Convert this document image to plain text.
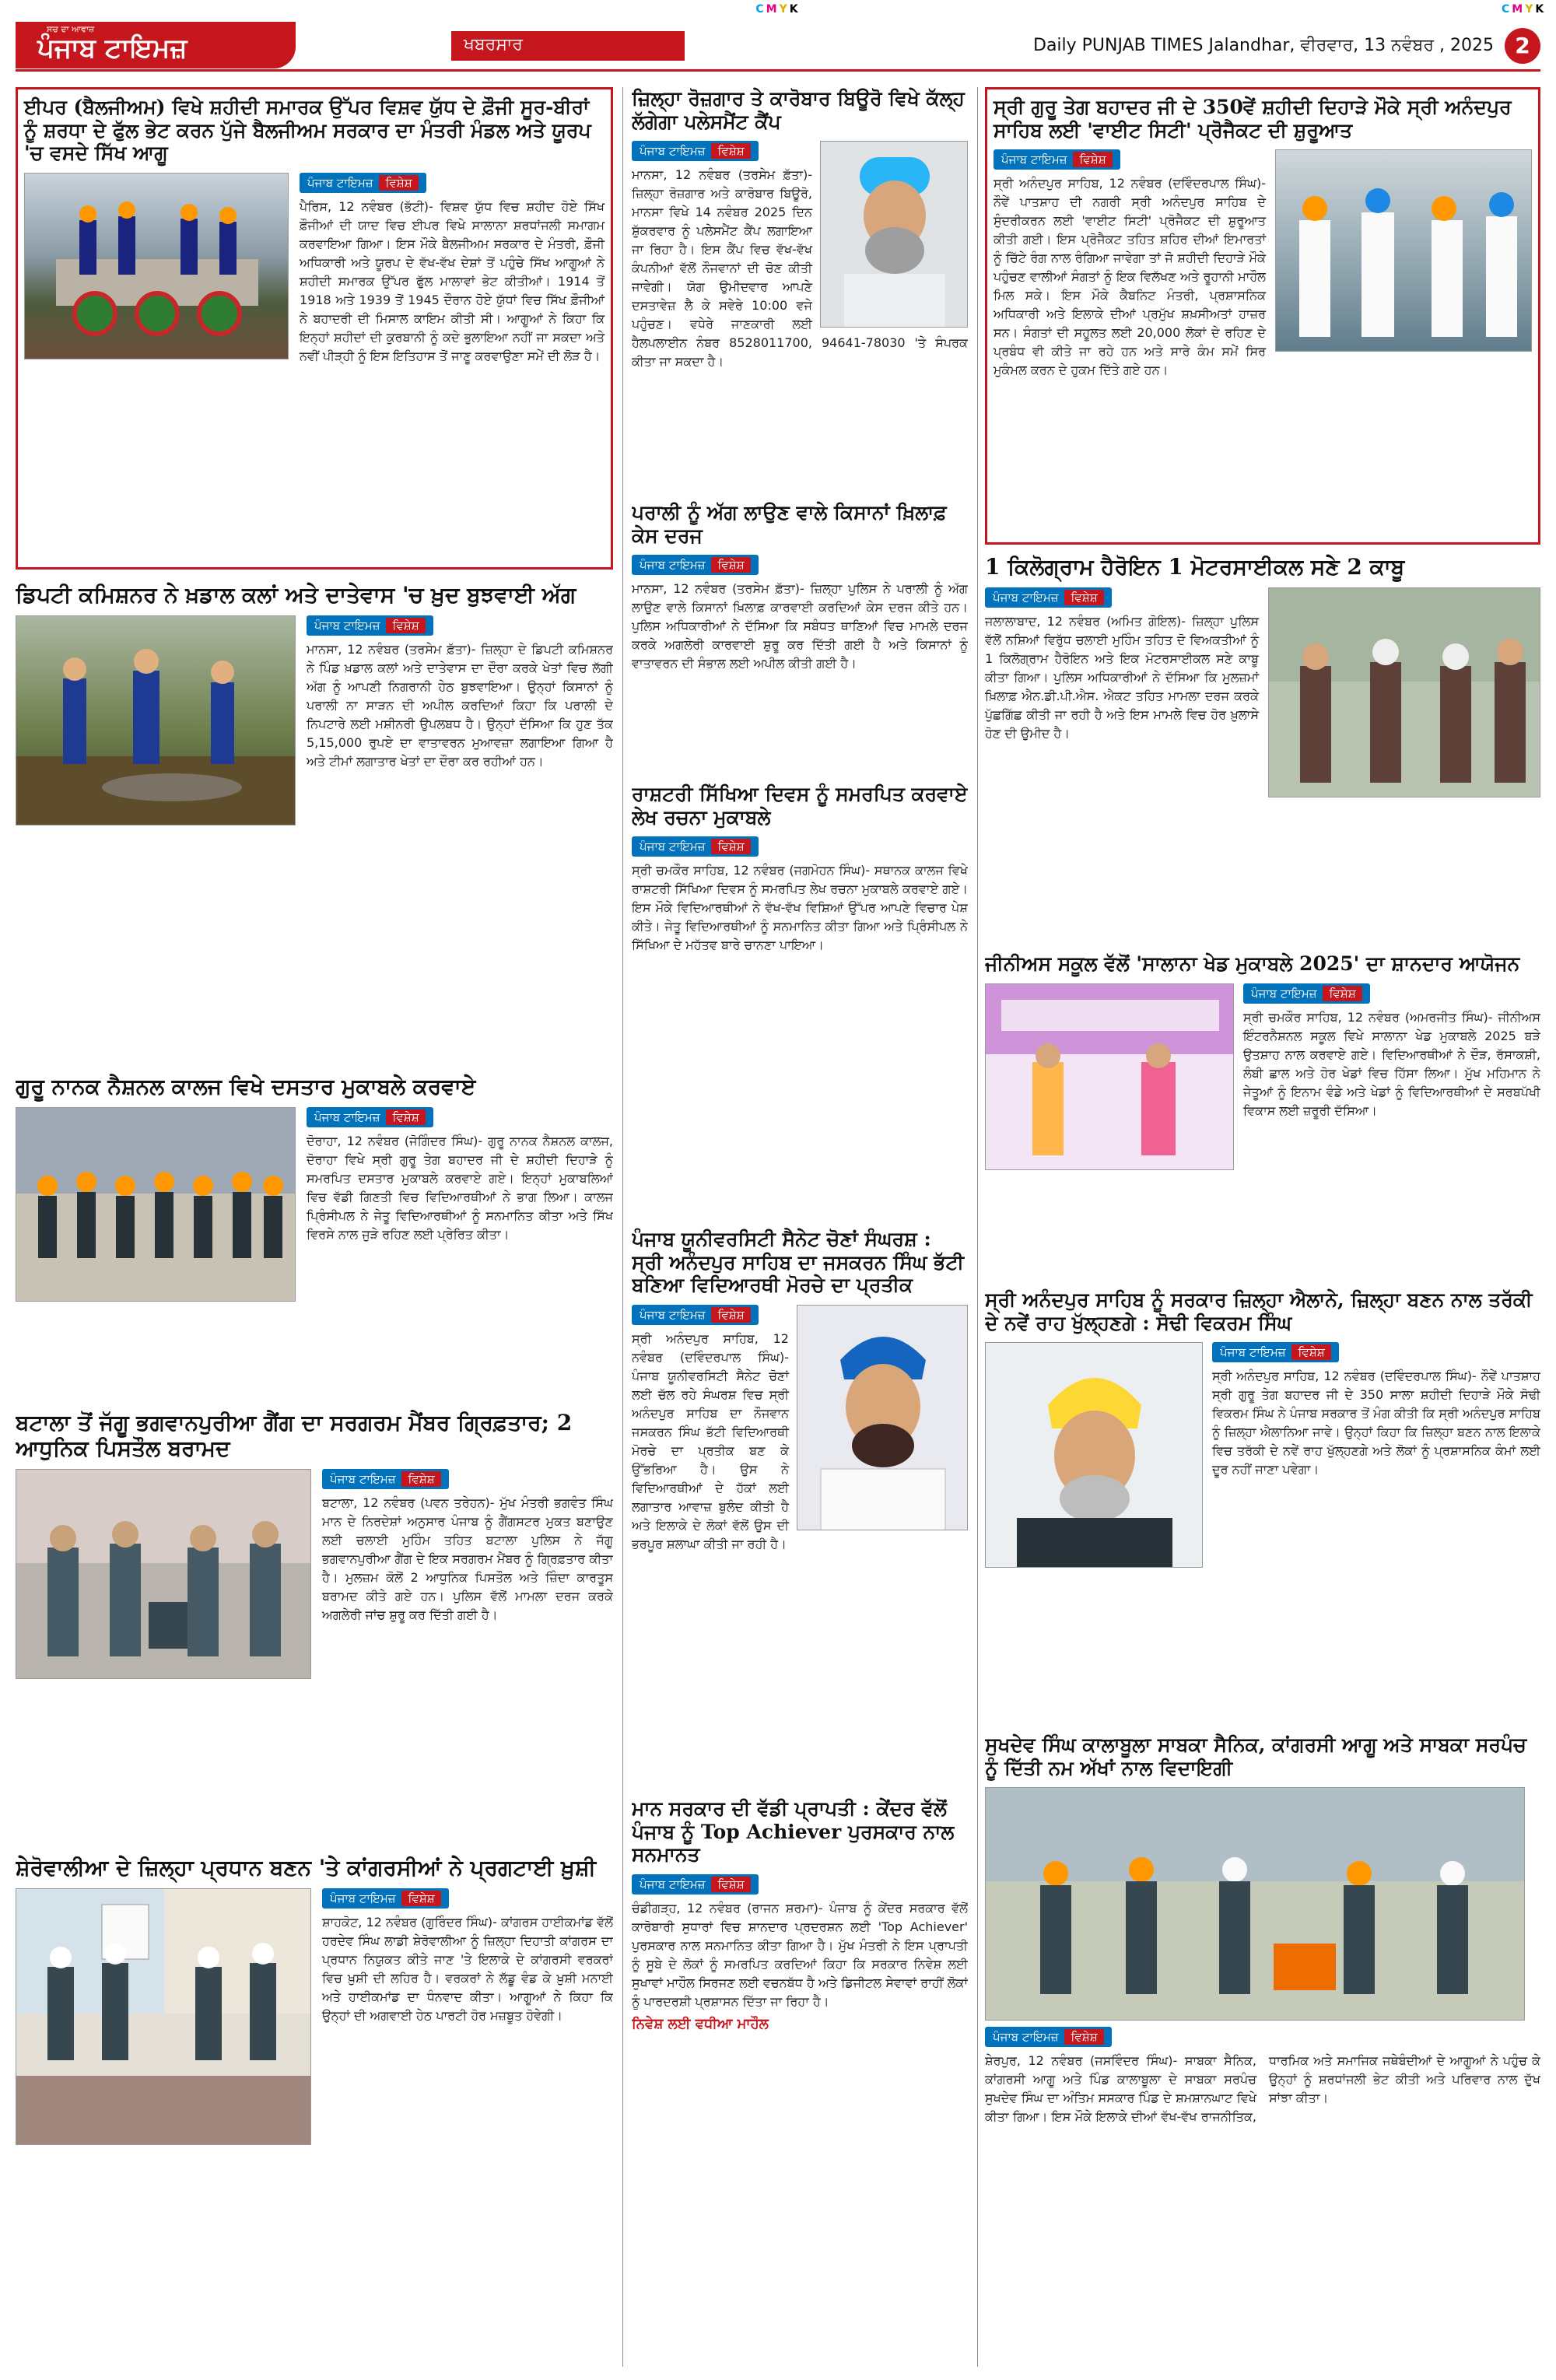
CMYK	CMYK
ਸਚ ਦਾ ਆਵਾਜ਼
ਪੰਜਾਬ ਟਾਇਮਜ਼	ਖਬਰਸਾਰ	Daily PUNJAB TIMES Jalandhar, ਵੀਰਵਾਰ, 13 ਨਵੰਬਰ , 2025 2
ਈਪਰ (ਬੈਲਜੀਅਮ) ਵਿਖੇ ਸ਼ਹੀਦੀ ਸਮਾਰਕ ਉੱਪਰ ਵਿਸ਼ਵ ਯੁੱਧ ਦੇ ਫ਼ੌਜੀ ਸੂਰ-ਬੀਰਾਂ ਨੂੰ ਸ਼ਰਧਾ ਦੇ ਫੁੱਲ ਭੇਟ ਕਰਨ ਪੁੱਜੇ ਬੈਲਜੀਅਮ ਸਰਕਾਰ ਦਾ ਮੰਤਰੀ ਮੰਡਲ ਅਤੇ ਯੂਰਪ 'ਚ ਵਸਦੇ ਸਿੱਖ ਆਗੂ
ਪੰਜਾਬ ਟਾਇਮਜ਼ ਵਿਸ਼ੇਸ਼

ਪੈਰਿਸ, 12 ਨਵੰਬਰ (ਭੱਟੀ)- ਵਿਸ਼ਵ ਯੁੱਧ ਵਿਚ ਸ਼ਹੀਦ ਹੋਏ ਸਿੱਖ ਫ਼ੌਜੀਆਂ ਦੀ ਯਾਦ ਵਿਚ ਈਪਰ ਵਿਖੇ ਸਾਲਾਨਾ ਸ਼ਰਧਾਂਜਲੀ ਸਮਾਗਮ ਕਰਵਾਇਆ ਗਿਆ। ਇਸ ਮੌਕੇ ਬੈਲਜੀਅਮ ਸਰਕਾਰ ਦੇ ਮੰਤਰੀ, ਫ਼ੌਜੀ ਅਧਿਕਾਰੀ ਅਤੇ ਯੂਰਪ ਦੇ ਵੱਖ-ਵੱਖ ਦੇਸ਼ਾਂ ਤੋਂ ਪਹੁੰਚੇ ਸਿੱਖ ਆਗੂਆਂ ਨੇ ਸ਼ਹੀਦੀ ਸਮਾਰਕ ਉੱਪਰ ਫੁੱਲ ਮਾਲਾਵਾਂ ਭੇਟ ਕੀਤੀਆਂ। 1914 ਤੋਂ 1918 ਅਤੇ 1939 ਤੋਂ 1945 ਦੌਰਾਨ ਹੋਏ ਯੁੱਧਾਂ ਵਿਚ ਸਿੱਖ ਫ਼ੌਜੀਆਂ ਨੇ ਬਹਾਦਰੀ ਦੀ ਮਿਸਾਲ ਕਾਇਮ ਕੀਤੀ ਸੀ। ਆਗੂਆਂ ਨੇ ਕਿਹਾ ਕਿ ਇਨ੍ਹਾਂ ਸ਼ਹੀਦਾਂ ਦੀ ਕੁਰਬਾਨੀ ਨੂੰ ਕਦੇ ਭੁਲਾਇਆ ਨਹੀਂ ਜਾ ਸਕਦਾ ਅਤੇ ਨਵੀਂ ਪੀੜ੍ਹੀ ਨੂੰ ਇਸ ਇਤਿਹਾਸ ਤੋਂ ਜਾਣੂ ਕਰਵਾਉਣਾ ਸਮੇਂ ਦੀ ਲੋੜ ਹੈ।

ਡਿਪਟੀ ਕਮਿਸ਼ਨਰ ਨੇ ਖ਼ਡਾਲ ਕਲਾਂ ਅਤੇ ਦਾਤੇਵਾਸ 'ਚ ਖ਼ੁਦ ਬੁਝਵਾਈ ਅੱਗ
ਪੰਜਾਬ ਟਾਇਮਜ਼ ਵਿਸ਼ੇਸ਼

ਮਾਨਸਾ, 12 ਨਵੰਬਰ (ਤਰਸੇਮ ਫ਼ੱਤਾ)- ਜ਼ਿਲ੍ਹਾ ਦੇ ਡਿਪਟੀ ਕਮਿਸ਼ਨਰ ਨੇ ਪਿੰਡ ਖ਼ਡਾਲ ਕਲਾਂ ਅਤੇ ਦਾਤੇਵਾਸ ਦਾ ਦੌਰਾ ਕਰਕੇ ਖੇਤਾਂ ਵਿਚ ਲੱਗੀ ਅੱਗ ਨੂੰ ਆਪਣੀ ਨਿਗਰਾਨੀ ਹੇਠ ਬੁਝਵਾਇਆ। ਉਨ੍ਹਾਂ ਕਿਸਾਨਾਂ ਨੂੰ ਪਰਾਲੀ ਨਾ ਸਾੜਨ ਦੀ ਅਪੀਲ ਕਰਦਿਆਂ ਕਿਹਾ ਕਿ ਪਰਾਲੀ ਦੇ ਨਿਪਟਾਰੇ ਲਈ ਮਸ਼ੀਨਰੀ ਉਪਲਬਧ ਹੈ। ਉਨ੍ਹਾਂ ਦੱਸਿਆ ਕਿ ਹੁਣ ਤੱਕ 5,15,000 ਰੁਪਏ ਦਾ ਵਾਤਾਵਰਨ ਮੁਆਵਜ਼ਾ ਲਗਾਇਆ ਗਿਆ ਹੈ ਅਤੇ ਟੀਮਾਂ ਲਗਾਤਾਰ ਖੇਤਾਂ ਦਾ ਦੌਰਾ ਕਰ ਰਹੀਆਂ ਹਨ।

ਗੁਰੂ ਨਾਨਕ ਨੈਸ਼ਨਲ ਕਾਲਜ ਵਿਖੇ ਦਸਤਾਰ ਮੁਕਾਬਲੇ ਕਰਵਾਏ
ਪੰਜਾਬ ਟਾਇਮਜ਼ ਵਿਸ਼ੇਸ਼

ਦੋਰਾਹਾ, 12 ਨਵੰਬਰ (ਜੋਗਿੰਦਰ ਸਿੰਘ)- ਗੁਰੂ ਨਾਨਕ ਨੈਸ਼ਨਲ ਕਾਲਜ, ਦੋਰਾਹਾ ਵਿਖੇ ਸ੍ਰੀ ਗੁਰੂ ਤੇਗ ਬਹਾਦਰ ਜੀ ਦੇ ਸ਼ਹੀਦੀ ਦਿਹਾੜੇ ਨੂੰ ਸਮਰਪਿਤ ਦਸਤਾਰ ਮੁਕਾਬਲੇ ਕਰਵਾਏ ਗਏ। ਇਨ੍ਹਾਂ ਮੁਕਾਬਲਿਆਂ ਵਿਚ ਵੱਡੀ ਗਿਣਤੀ ਵਿਚ ਵਿਦਿਆਰਥੀਆਂ ਨੇ ਭਾਗ ਲਿਆ। ਕਾਲਜ ਪ੍ਰਿੰਸੀਪਲ ਨੇ ਜੇਤੂ ਵਿਦਿਆਰਥੀਆਂ ਨੂੰ ਸਨਮਾਨਿਤ ਕੀਤਾ ਅਤੇ ਸਿੱਖ ਵਿਰਸੇ ਨਾਲ ਜੁੜੇ ਰਹਿਣ ਲਈ ਪ੍ਰੇਰਿਤ ਕੀਤਾ।

ਬਟਾਲਾ ਤੋਂ ਜੱਗੂ ਭਗਵਾਨਪੁਰੀਆ ਗੈਂਗ ਦਾ ਸਰਗਰਮ ਮੈਂਬਰ ਗ੍ਰਿਫ਼ਤਾਰ; 2 ਆਧੁਨਿਕ ਪਿਸਤੌਲ ਬਰਾਮਦ
ਪੰਜਾਬ ਟਾਇਮਜ਼ ਵਿਸ਼ੇਸ਼

ਬਟਾਲਾ, 12 ਨਵੰਬਰ (ਪਵਨ ਤਰੇਹਨ)- ਮੁੱਖ ਮੰਤਰੀ ਭਗਵੰਤ ਸਿੰਘ ਮਾਨ ਦੇ ਨਿਰਦੇਸ਼ਾਂ ਅਨੁਸਾਰ ਪੰਜਾਬ ਨੂੰ ਗੈਂਗਸਟਰ ਮੁਕਤ ਬਣਾਉਣ ਲਈ ਚਲਾਈ ਮੁਹਿੰਮ ਤਹਿਤ ਬਟਾਲਾ ਪੁਲਿਸ ਨੇ ਜੱਗੂ ਭਗਵਾਨਪੁਰੀਆ ਗੈਂਗ ਦੇ ਇਕ ਸਰਗਰਮ ਮੈਂਬਰ ਨੂੰ ਗ੍ਰਿਫ਼ਤਾਰ ਕੀਤਾ ਹੈ। ਮੁਲਜ਼ਮ ਕੋਲੋਂ 2 ਆਧੁਨਿਕ ਪਿਸਤੌਲ ਅਤੇ ਜ਼ਿੰਦਾ ਕਾਰਤੂਸ ਬਰਾਮਦ ਕੀਤੇ ਗਏ ਹਨ। ਪੁਲਿਸ ਵੱਲੋਂ ਮਾਮਲਾ ਦਰਜ ਕਰਕੇ ਅਗਲੇਰੀ ਜਾਂਚ ਸ਼ੁਰੂ ਕਰ ਦਿੱਤੀ ਗਈ ਹੈ।

ਸ਼ੇਰੋਵਾਲੀਆ ਦੇ ਜ਼ਿਲ੍ਹਾ ਪ੍ਰਧਾਨ ਬਣਨ 'ਤੇ ਕਾਂਗਰਸੀਆਂ ਨੇ ਪ੍ਰਗਟਾਈ ਖ਼ੁਸ਼ੀ
ਪੰਜਾਬ ਟਾਇਮਜ਼ ਵਿਸ਼ੇਸ਼

ਸ਼ਾਹਕੋਟ, 12 ਨਵੰਬਰ (ਗੁਰਿੰਦਰ ਸਿੰਘ)- ਕਾਂਗਰਸ ਹਾਈਕਮਾਂਡ ਵੱਲੋਂ ਹਰਦੇਵ ਸਿੰਘ ਲਾਡੀ ਸ਼ੇਰੋਵਾਲੀਆ ਨੂੰ ਜ਼ਿਲ੍ਹਾ ਦਿਹਾਤੀ ਕਾਂਗਰਸ ਦਾ ਪ੍ਰਧਾਨ ਨਿਯੁਕਤ ਕੀਤੇ ਜਾਣ 'ਤੇ ਇਲਾਕੇ ਦੇ ਕਾਂਗਰਸੀ ਵਰਕਰਾਂ ਵਿਚ ਖ਼ੁਸ਼ੀ ਦੀ ਲਹਿਰ ਹੈ। ਵਰਕਰਾਂ ਨੇ ਲੱਡੂ ਵੰਡ ਕੇ ਖ਼ੁਸ਼ੀ ਮਨਾਈ ਅਤੇ ਹਾਈਕਮਾਂਡ ਦਾ ਧੰਨਵਾਦ ਕੀਤਾ। ਆਗੂਆਂ ਨੇ ਕਿਹਾ ਕਿ ਉਨ੍ਹਾਂ ਦੀ ਅਗਵਾਈ ਹੇਠ ਪਾਰਟੀ ਹੋਰ ਮਜ਼ਬੂਤ ਹੋਵੇਗੀ।

ਜ਼ਿਲ੍ਹਾ ਰੋਜ਼ਗਾਰ ਤੇ ਕਾਰੋਬਾਰ ਬਿਊਰੋ ਵਿਖੇ ਕੱਲ੍ਹ ਲੱਗੇਗਾ ਪਲੇਸਮੈਂਟ ਕੈਂਪ
ਪੰਜਾਬ ਟਾਇਮਜ਼ ਵਿਸ਼ੇਸ਼

ਮਾਨਸਾ, 12 ਨਵੰਬਰ (ਤਰਸੇਮ ਫ਼ੱਤਾ)- ਜ਼ਿਲ੍ਹਾ ਰੋਜ਼ਗਾਰ ਅਤੇ ਕਾਰੋਬਾਰ ਬਿਊਰੋ, ਮਾਨਸਾ ਵਿਖੇ 14 ਨਵੰਬਰ 2025 ਦਿਨ ਸ਼ੁੱਕਰਵਾਰ ਨੂੰ ਪਲੇਸਮੈਂਟ ਕੈਂਪ ਲਗਾਇਆ ਜਾ ਰਿਹਾ ਹੈ। ਇਸ ਕੈਂਪ ਵਿਚ ਵੱਖ-ਵੱਖ ਕੰਪਨੀਆਂ ਵੱਲੋਂ ਨੌਜਵਾਨਾਂ ਦੀ ਚੋਣ ਕੀਤੀ ਜਾਵੇਗੀ। ਯੋਗ ਉਮੀਦਵਾਰ ਆਪਣੇ ਦਸਤਾਵੇਜ਼ ਲੈ ਕੇ ਸਵੇਰੇ 10:00 ਵਜੇ ਪਹੁੰਚਣ। ਵਧੇਰੇ ਜਾਣਕਾਰੀ ਲਈ ਹੈਲਪਲਾਈਨ ਨੰਬਰ 8528011700, 94641-78030 'ਤੇ ਸੰਪਰਕ ਕੀਤਾ ਜਾ ਸਕਦਾ ਹੈ।

ਪਰਾਲੀ ਨੂੰ ਅੱਗ ਲਾਉਣ ਵਾਲੇ ਕਿਸਾਨਾਂ ਖ਼ਿਲਾਫ਼ ਕੇਸ ਦਰਜ
ਪੰਜਾਬ ਟਾਇਮਜ਼ ਵਿਸ਼ੇਸ਼

ਮਾਨਸਾ, 12 ਨਵੰਬਰ (ਤਰਸੇਮ ਫ਼ੱਤਾ)- ਜ਼ਿਲ੍ਹਾ ਪੁਲਿਸ ਨੇ ਪਰਾਲੀ ਨੂੰ ਅੱਗ ਲਾਉਣ ਵਾਲੇ ਕਿਸਾਨਾਂ ਖ਼ਿਲਾਫ਼ ਕਾਰਵਾਈ ਕਰਦਿਆਂ ਕੇਸ ਦਰਜ ਕੀਤੇ ਹਨ। ਪੁਲਿਸ ਅਧਿਕਾਰੀਆਂ ਨੇ ਦੱਸਿਆ ਕਿ ਸਬੰਧਤ ਥਾਣਿਆਂ ਵਿਚ ਮਾਮਲੇ ਦਰਜ ਕਰਕੇ ਅਗਲੇਰੀ ਕਾਰਵਾਈ ਸ਼ੁਰੂ ਕਰ ਦਿੱਤੀ ਗਈ ਹੈ ਅਤੇ ਕਿਸਾਨਾਂ ਨੂੰ ਵਾਤਾਵਰਨ ਦੀ ਸੰਭਾਲ ਲਈ ਅਪੀਲ ਕੀਤੀ ਗਈ ਹੈ।

ਰਾਸ਼ਟਰੀ ਸਿੱਖਿਆ ਦਿਵਸ ਨੂੰ ਸਮਰਪਿਤ ਕਰਵਾਏ ਲੇਖ ਰਚਨਾ ਮੁਕਾਬਲੇ
ਪੰਜਾਬ ਟਾਇਮਜ਼ ਵਿਸ਼ੇਸ਼

ਸ੍ਰੀ ਚਮਕੌਰ ਸਾਹਿਬ, 12 ਨਵੰਬਰ (ਜਗਮੋਹਨ ਸਿੰਘ)- ਸਥਾਨਕ ਕਾਲਜ ਵਿਖੇ ਰਾਸ਼ਟਰੀ ਸਿੱਖਿਆ ਦਿਵਸ ਨੂੰ ਸਮਰਪਿਤ ਲੇਖ ਰਚਨਾ ਮੁਕਾਬਲੇ ਕਰਵਾਏ ਗਏ। ਇਸ ਮੌਕੇ ਵਿਦਿਆਰਥੀਆਂ ਨੇ ਵੱਖ-ਵੱਖ ਵਿਸ਼ਿਆਂ ਉੱਪਰ ਆਪਣੇ ਵਿਚਾਰ ਪੇਸ਼ ਕੀਤੇ। ਜੇਤੂ ਵਿਦਿਆਰਥੀਆਂ ਨੂੰ ਸਨਮਾਨਿਤ ਕੀਤਾ ਗਿਆ ਅਤੇ ਪ੍ਰਿੰਸੀਪਲ ਨੇ ਸਿੱਖਿਆ ਦੇ ਮਹੱਤਵ ਬਾਰੇ ਚਾਨਣਾ ਪਾਇਆ।

ਪੰਜਾਬ ਯੂਨੀਵਰਸਿਟੀ ਸੈਨੇਟ ਚੋਣਾਂ ਸੰਘਰਸ਼ : ਸ੍ਰੀ ਅਨੰਦਪੁਰ ਸਾਹਿਬ ਦਾ ਜਸਕਰਨ ਸਿੰਘ ਭੱਟੀ ਬਣਿਆ ਵਿਦਿਆਰਥੀ ਮੋਰਚੇ ਦਾ ਪ੍ਰਤੀਕ
ਪੰਜਾਬ ਟਾਇਮਜ਼ ਵਿਸ਼ੇਸ਼

ਸ੍ਰੀ ਅਨੰਦਪੁਰ ਸਾਹਿਬ, 12 ਨਵੰਬਰ (ਦਵਿੰਦਰਪਾਲ ਸਿੰਘ)- ਪੰਜਾਬ ਯੂਨੀਵਰਸਿਟੀ ਸੈਨੇਟ ਚੋਣਾਂ ਲਈ ਚੱਲ ਰਹੇ ਸੰਘਰਸ਼ ਵਿਚ ਸ੍ਰੀ ਅਨੰਦਪੁਰ ਸਾਹਿਬ ਦਾ ਨੌਜਵਾਨ ਜਸਕਰਨ ਸਿੰਘ ਭੱਟੀ ਵਿਦਿਆਰਥੀ ਮੋਰਚੇ ਦਾ ਪ੍ਰਤੀਕ ਬਣ ਕੇ ਉੱਭਰਿਆ ਹੈ। ਉਸ ਨੇ ਵਿਦਿਆਰਥੀਆਂ ਦੇ ਹੱਕਾਂ ਲਈ ਲਗਾਤਾਰ ਆਵਾਜ਼ ਬੁਲੰਦ ਕੀਤੀ ਹੈ ਅਤੇ ਇਲਾਕੇ ਦੇ ਲੋਕਾਂ ਵੱਲੋਂ ਉਸ ਦੀ ਭਰਪੂਰ ਸ਼ਲਾਘਾ ਕੀਤੀ ਜਾ ਰਹੀ ਹੈ।

ਮਾਨ ਸਰਕਾਰ ਦੀ ਵੱਡੀ ਪ੍ਰਾਪਤੀ : ਕੇਂਦਰ ਵੱਲੋਂ ਪੰਜਾਬ ਨੂੰ Top Achiever ਪੁਰਸਕਾਰ ਨਾਲ ਸਨਮਾਨਤ
ਪੰਜਾਬ ਟਾਇਮਜ਼ ਵਿਸ਼ੇਸ਼

ਚੰਡੀਗੜ੍ਹ, 12 ਨਵੰਬਰ (ਰਾਜਨ ਸ਼ਰਮਾ)- ਪੰਜਾਬ ਨੂੰ ਕੇਂਦਰ ਸਰਕਾਰ ਵੱਲੋਂ ਕਾਰੋਬਾਰੀ ਸੁਧਾਰਾਂ ਵਿਚ ਸ਼ਾਨਦਾਰ ਪ੍ਰਦਰਸ਼ਨ ਲਈ 'Top Achiever' ਪੁਰਸਕਾਰ ਨਾਲ ਸਨਮਾਨਿਤ ਕੀਤਾ ਗਿਆ ਹੈ। ਮੁੱਖ ਮੰਤਰੀ ਨੇ ਇਸ ਪ੍ਰਾਪਤੀ ਨੂੰ ਸੂਬੇ ਦੇ ਲੋਕਾਂ ਨੂੰ ਸਮਰਪਿਤ ਕਰਦਿਆਂ ਕਿਹਾ ਕਿ ਸਰਕਾਰ ਨਿਵੇਸ਼ ਲਈ ਸੁਖਾਵਾਂ ਮਾਹੌਲ ਸਿਰਜਣ ਲਈ ਵਚਨਬੱਧ ਹੈ ਅਤੇ ਡਿਜੀਟਲ ਸੇਵਾਵਾਂ ਰਾਹੀਂ ਲੋਕਾਂ ਨੂੰ ਪਾਰਦਰਸ਼ੀ ਪ੍ਰਸ਼ਾਸਨ ਦਿੱਤਾ ਜਾ ਰਿਹਾ ਹੈ।

ਨਿਵੇਸ਼ ਲਈ ਵਧੀਆ ਮਾਹੌਲ

ਸ੍ਰੀ ਗੁਰੂ ਤੇਗ ਬਹਾਦਰ ਜੀ ਦੇ 350ਵੇਂ ਸ਼ਹੀਦੀ ਦਿਹਾੜੇ ਮੌਕੇ ਸ੍ਰੀ ਅਨੰਦਪੁਰ ਸਾਹਿਬ ਲਈ 'ਵਾਈਟ ਸਿਟੀ' ਪ੍ਰੋਜੈਕਟ ਦੀ ਸ਼ੁਰੂਆਤ
ਪੰਜਾਬ ਟਾਇਮਜ਼ ਵਿਸ਼ੇਸ਼

ਸ੍ਰੀ ਅਨੰਦਪੁਰ ਸਾਹਿਬ, 12 ਨਵੰਬਰ (ਦਵਿੰਦਰਪਾਲ ਸਿੰਘ)- ਨੌਵੇਂ ਪਾਤਸ਼ਾਹ ਦੀ ਨਗਰੀ ਸ੍ਰੀ ਅਨੰਦਪੁਰ ਸਾਹਿਬ ਦੇ ਸੁੰਦਰੀਕਰਨ ਲਈ 'ਵਾਈਟ ਸਿਟੀ' ਪ੍ਰੋਜੈਕਟ ਦੀ ਸ਼ੁਰੂਆਤ ਕੀਤੀ ਗਈ। ਇਸ ਪ੍ਰੋਜੈਕਟ ਤਹਿਤ ਸ਼ਹਿਰ ਦੀਆਂ ਇਮਾਰਤਾਂ ਨੂੰ ਚਿੱਟੇ ਰੰਗ ਨਾਲ ਰੰਗਿਆ ਜਾਵੇਗਾ ਤਾਂ ਜੋ ਸ਼ਹੀਦੀ ਦਿਹਾੜੇ ਮੌਕੇ ਪਹੁੰਚਣ ਵਾਲੀਆਂ ਸੰਗਤਾਂ ਨੂੰ ਇਕ ਵਿਲੱਖਣ ਅਤੇ ਰੂਹਾਨੀ ਮਾਹੌਲ ਮਿਲ ਸਕੇ। ਇਸ ਮੌਕੇ ਕੈਬਨਿਟ ਮੰਤਰੀ, ਪ੍ਰਸ਼ਾਸਨਿਕ ਅਧਿਕਾਰੀ ਅਤੇ ਇਲਾਕੇ ਦੀਆਂ ਪ੍ਰਮੁੱਖ ਸ਼ਖ਼ਸੀਅਤਾਂ ਹਾਜ਼ਰ ਸਨ। ਸੰਗਤਾਂ ਦੀ ਸਹੂਲਤ ਲਈ 20,000 ਲੋਕਾਂ ਦੇ ਰਹਿਣ ਦੇ ਪ੍ਰਬੰਧ ਵੀ ਕੀਤੇ ਜਾ ਰਹੇ ਹਨ ਅਤੇ ਸਾਰੇ ਕੰਮ ਸਮੇਂ ਸਿਰ ਮੁਕੰਮਲ ਕਰਨ ਦੇ ਹੁਕਮ ਦਿੱਤੇ ਗਏ ਹਨ।

1 ਕਿਲੋਗ੍ਰਾਮ ਹੈਰੋਇਨ 1 ਮੋਟਰਸਾਈਕਲ ਸਣੇ 2 ਕਾਬੂ
ਪੰਜਾਬ ਟਾਇਮਜ਼ ਵਿਸ਼ੇਸ਼

ਜਲਾਲਾਬਾਦ, 12 ਨਵੰਬਰ (ਅਮਿਤ ਗੋਇਲ)- ਜ਼ਿਲ੍ਹਾ ਪੁਲਿਸ ਵੱਲੋਂ ਨਸ਼ਿਆਂ ਵਿਰੁੱਧ ਚਲਾਈ ਮੁਹਿੰਮ ਤਹਿਤ ਦੋ ਵਿਅਕਤੀਆਂ ਨੂੰ 1 ਕਿਲੋਗ੍ਰਾਮ ਹੈਰੋਇਨ ਅਤੇ ਇਕ ਮੋਟਰਸਾਈਕਲ ਸਣੇ ਕਾਬੂ ਕੀਤਾ ਗਿਆ। ਪੁਲਿਸ ਅਧਿਕਾਰੀਆਂ ਨੇ ਦੱਸਿਆ ਕਿ ਮੁਲਜ਼ਮਾਂ ਖ਼ਿਲਾਫ਼ ਐਨ.ਡੀ.ਪੀ.ਐਸ. ਐਕਟ ਤਹਿਤ ਮਾਮਲਾ ਦਰਜ ਕਰਕੇ ਪੁੱਛਗਿੱਛ ਕੀਤੀ ਜਾ ਰਹੀ ਹੈ ਅਤੇ ਇਸ ਮਾਮਲੇ ਵਿਚ ਹੋਰ ਖ਼ੁਲਾਸੇ ਹੋਣ ਦੀ ਉਮੀਦ ਹੈ।

ਜੀਨੀਅਸ ਸਕੂਲ ਵੱਲੋਂ 'ਸਾਲਾਨਾ ਖੇਡ ਮੁਕਾਬਲੇ 2025' ਦਾ ਸ਼ਾਨਦਾਰ ਆਯੋਜਨ
ਪੰਜਾਬ ਟਾਇਮਜ਼ ਵਿਸ਼ੇਸ਼

ਸ੍ਰੀ ਚਮਕੌਰ ਸਾਹਿਬ, 12 ਨਵੰਬਰ (ਅਮਰਜੀਤ ਸਿੰਘ)- ਜੀਨੀਅਸ ਇੰਟਰਨੈਸ਼ਨਲ ਸਕੂਲ ਵਿਖੇ ਸਾਲਾਨਾ ਖੇਡ ਮੁਕਾਬਲੇ 2025 ਬੜੇ ਉਤਸ਼ਾਹ ਨਾਲ ਕਰਵਾਏ ਗਏ। ਵਿਦਿਆਰਥੀਆਂ ਨੇ ਦੌੜ, ਰੱਸਾਕਸ਼ੀ, ਲੰਬੀ ਛਾਲ ਅਤੇ ਹੋਰ ਖੇਡਾਂ ਵਿਚ ਹਿੱਸਾ ਲਿਆ। ਮੁੱਖ ਮਹਿਮਾਨ ਨੇ ਜੇਤੂਆਂ ਨੂੰ ਇਨਾਮ ਵੰਡੇ ਅਤੇ ਖੇਡਾਂ ਨੂੰ ਵਿਦਿਆਰਥੀਆਂ ਦੇ ਸਰਬਪੱਖੀ ਵਿਕਾਸ ਲਈ ਜ਼ਰੂਰੀ ਦੱਸਿਆ।

ਸ੍ਰੀ ਅਨੰਦਪੁਰ ਸਾਹਿਬ ਨੂੰ ਸਰਕਾਰ ਜ਼ਿਲ੍ਹਾ ਐਲਾਨੇ, ਜ਼ਿਲ੍ਹਾ ਬਣਨ ਨਾਲ ਤਰੱਕੀ ਦੇ ਨਵੇਂ ਰਾਹ ਖੁੱਲ੍ਹਣਗੇ : ਸੋਢੀ ਵਿਕਰਮ ਸਿੰਘ
ਪੰਜਾਬ ਟਾਇਮਜ਼ ਵਿਸ਼ੇਸ਼

ਸ੍ਰੀ ਅਨੰਦਪੁਰ ਸਾਹਿਬ, 12 ਨਵੰਬਰ (ਦਵਿੰਦਰਪਾਲ ਸਿੰਘ)- ਨੌਵੇਂ ਪਾਤਸ਼ਾਹ ਸ੍ਰੀ ਗੁਰੂ ਤੇਗ ਬਹਾਦਰ ਜੀ ਦੇ 350 ਸਾਲਾ ਸ਼ਹੀਦੀ ਦਿਹਾੜੇ ਮੌਕੇ ਸੋਢੀ ਵਿਕਰਮ ਸਿੰਘ ਨੇ ਪੰਜਾਬ ਸਰਕਾਰ ਤੋਂ ਮੰਗ ਕੀਤੀ ਕਿ ਸ੍ਰੀ ਅਨੰਦਪੁਰ ਸਾਹਿਬ ਨੂੰ ਜ਼ਿਲ੍ਹਾ ਐਲਾਨਿਆ ਜਾਵੇ। ਉਨ੍ਹਾਂ ਕਿਹਾ ਕਿ ਜ਼ਿਲ੍ਹਾ ਬਣਨ ਨਾਲ ਇਲਾਕੇ ਵਿਚ ਤਰੱਕੀ ਦੇ ਨਵੇਂ ਰਾਹ ਖੁੱਲ੍ਹਣਗੇ ਅਤੇ ਲੋਕਾਂ ਨੂੰ ਪ੍ਰਸ਼ਾਸਨਿਕ ਕੰਮਾਂ ਲਈ ਦੂਰ ਨਹੀਂ ਜਾਣਾ ਪਵੇਗਾ।

ਸੁਖਦੇਵ ਸਿੰਘ ਕਾਲਾਬੂਲਾ ਸਾਬਕਾ ਸੈਨਿਕ, ਕਾਂਗਰਸੀ ਆਗੂ ਅਤੇ ਸਾਬਕਾ ਸਰਪੰਚ ਨੂੰ ਦਿੱਤੀ ਨਮ ਅੱਖਾਂ ਨਾਲ ਵਿਦਾਇਗੀ
ਪੰਜਾਬ ਟਾਇਮਜ਼ ਵਿਸ਼ੇਸ਼

ਸ਼ੇਰਪੁਰ, 12 ਨਵੰਬਰ (ਜਸਵਿੰਦਰ ਸਿੰਘ)- ਸਾਬਕਾ ਸੈਨਿਕ, ਕਾਂਗਰਸੀ ਆਗੂ ਅਤੇ ਪਿੰਡ ਕਾਲਾਬੂਲਾ ਦੇ ਸਾਬਕਾ ਸਰਪੰਚ ਸੁਖਦੇਵ ਸਿੰਘ ਦਾ ਅੰਤਿਮ ਸਸਕਾਰ ਪਿੰਡ ਦੇ ਸ਼ਮਸ਼ਾਨਘਾਟ ਵਿਖੇ ਕੀਤਾ ਗਿਆ। ਇਸ ਮੌਕੇ ਇਲਾਕੇ ਦੀਆਂ ਵੱਖ-ਵੱਖ ਰਾਜਨੀਤਿਕ, ਧਾਰਮਿਕ ਅਤੇ ਸਮਾਜਿਕ ਜਥੇਬੰਦੀਆਂ ਦੇ ਆਗੂਆਂ ਨੇ ਪਹੁੰਚ ਕੇ ਉਨ੍ਹਾਂ ਨੂੰ ਸ਼ਰਧਾਂਜਲੀ ਭੇਟ ਕੀਤੀ ਅਤੇ ਪਰਿਵਾਰ ਨਾਲ ਦੁੱਖ ਸਾਂਝਾ ਕੀਤਾ।
